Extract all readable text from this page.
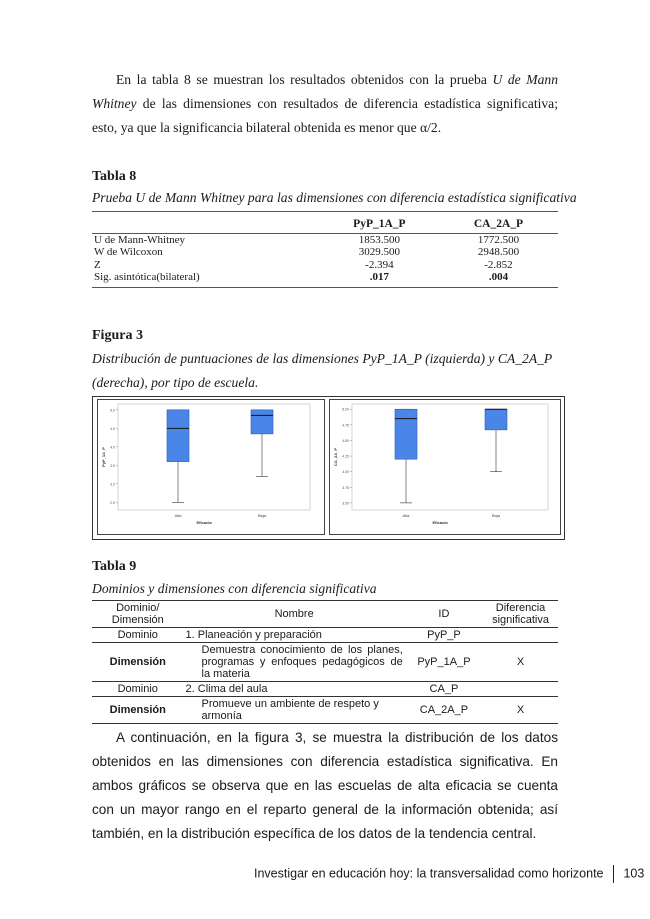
En la tabla 8 se muestran los resultados obtenidos con la prueba U de Mann Whitney de las dimensiones con resultados de diferencia estadística significativa; esto, ya que la significancia bilateral obtenida es menor que α/2.

Tabla 8
Prueba U de Mann Whitney para las dimensiones con diferencia estadística significativa
	PyP_1A_P	CA_2A_P
U de Mann-Whitney	1853.500	1772.500
W de Wilcoxon	3029.500	2948.500
Z	-2.394	-2.852
Sig. asintótica(bilateral)	.017	.004
Figura 3
Distribución de puntuaciones de las dimensiones PyP_1A_P (izquierda) y CA_2A_P (derecha), por tipo de escuela.
5.0
4.5
4.0
3.5
3.0
2.5
PyP_1A_P
Alta	Baja
Eficacia
5.00
4.75
4.50
4.25
4.00
3.75
3.50
CA_2A_P
Alta	Baja
Eficacia
Tabla 9
Dominios y dimensiones con diferencia significativa
Dominio/ Dimensión	Nombre	ID	Diferencia significativa
Dominio	1. Planeación y preparación	PyP_P	
Dimensión	Demuestra conocimiento de los planes, programas y enfoques pedagógicos de la materia	PyP_1A_P	X
Dominio	2. Clima del aula	CA_P	
Dimensión	Promueve un ambiente de respeto y armonía	CA_2A_P	X

A continuación, en la figura 3, se muestra la distribución de los datos obtenidos en las dimensiones con diferencia estadística significativa. En ambos gráficos se observa que en las escuelas de alta eficacia se cuenta con un mayor rango en el reparto general de la información obtenida; así también, en la distribución específica de los datos de la tendencia central.

Investigar en educación hoy: la transversalidad como horizonte 103
